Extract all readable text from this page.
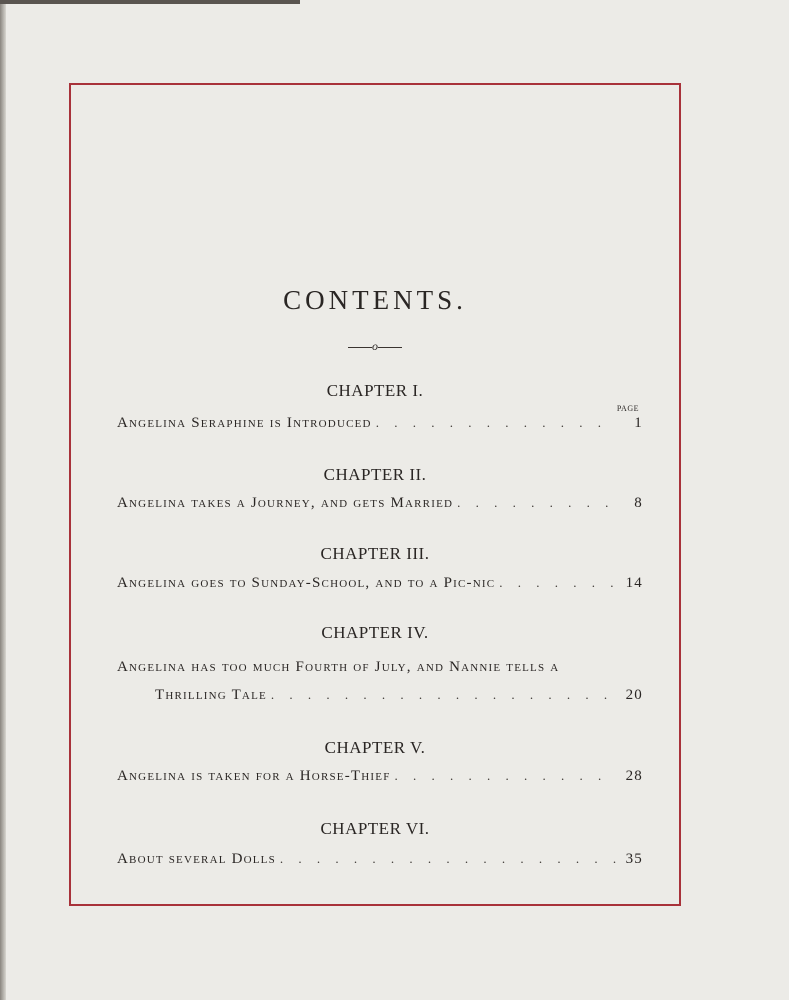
CONTENTS.
o
CHAPTER I.
PAGE
Angelina Seraphine is Introduced . . .	1
CHAPTER II.
Angelina takes a Journey, and gets Married . . .	8
CHAPTER III.
Angelina goes to Sunday-School, and to a Pic-nic . . .	14
CHAPTER IV.
Angelina has too much Fourth of July, and Nannie tells a
Thrilling Tale . . .	20
CHAPTER V.
Angelina is taken for a Horse-Thief . . .	28
CHAPTER VI.
About several Dolls . . .	35
